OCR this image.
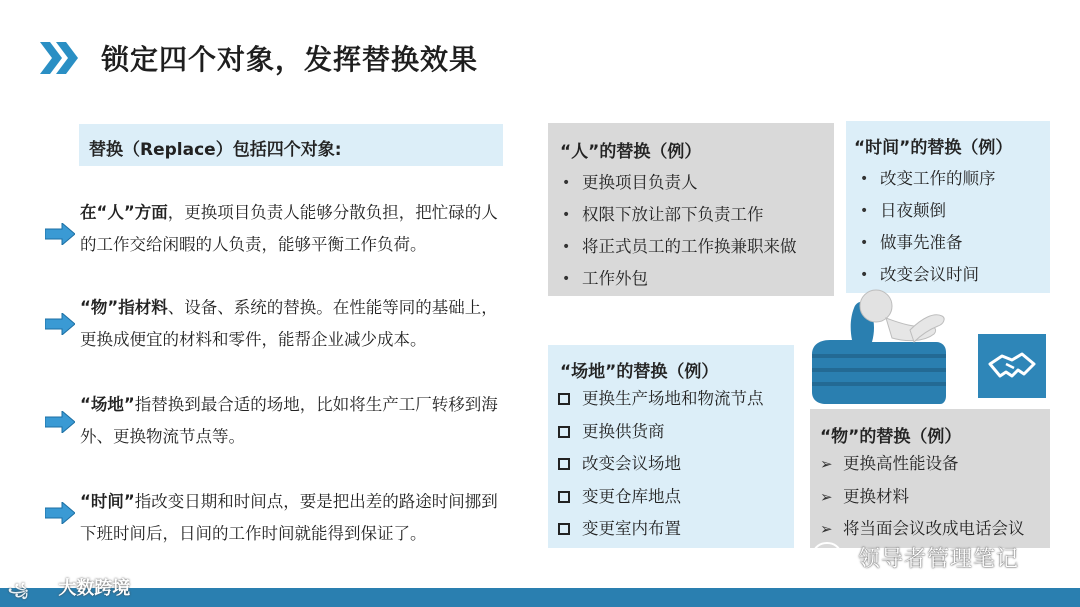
锁定四个对象，发挥替换效果
替换（Replace）包括四个对象:
在“人”方面，更换项目负责人能够分散负担，把忙碌的人的工作交给闲暇的人负责，能够平衡工作负荷。
“物”指材料、设备、系统的替换。在性能等同的基础上，更换成便宜的材料和零件，能帮企业减少成本。
“场地”指替换到最合适的场地，比如将生产工厂转移到海外、更换物流节点等。
“时间”指改变日期和时间点，要是把出差的路途时间挪到下班时间后，日间的工作时间就能得到保证了。
“人”的替换（例）
• 更换项目负责人
• 权限下放让部下负责工作
• 将正式员工的工作换兼职来做
• 工作外包
“时间”的替换（例）
• 改变工作的顺序
• 日夜颠倒
• 做事先准备
• 改变会议时间
“场地”的替换（例）
更换生产场地和物流节点
更换供货商
改变会议场地
变更仓库地点
变更室内布置
“物”的替换（例）
➢ 更换高性能设备
➢ 更换材料
➢ 将当面会议改成电话会议
领导者管理笔记
꧁ 大数跨境
